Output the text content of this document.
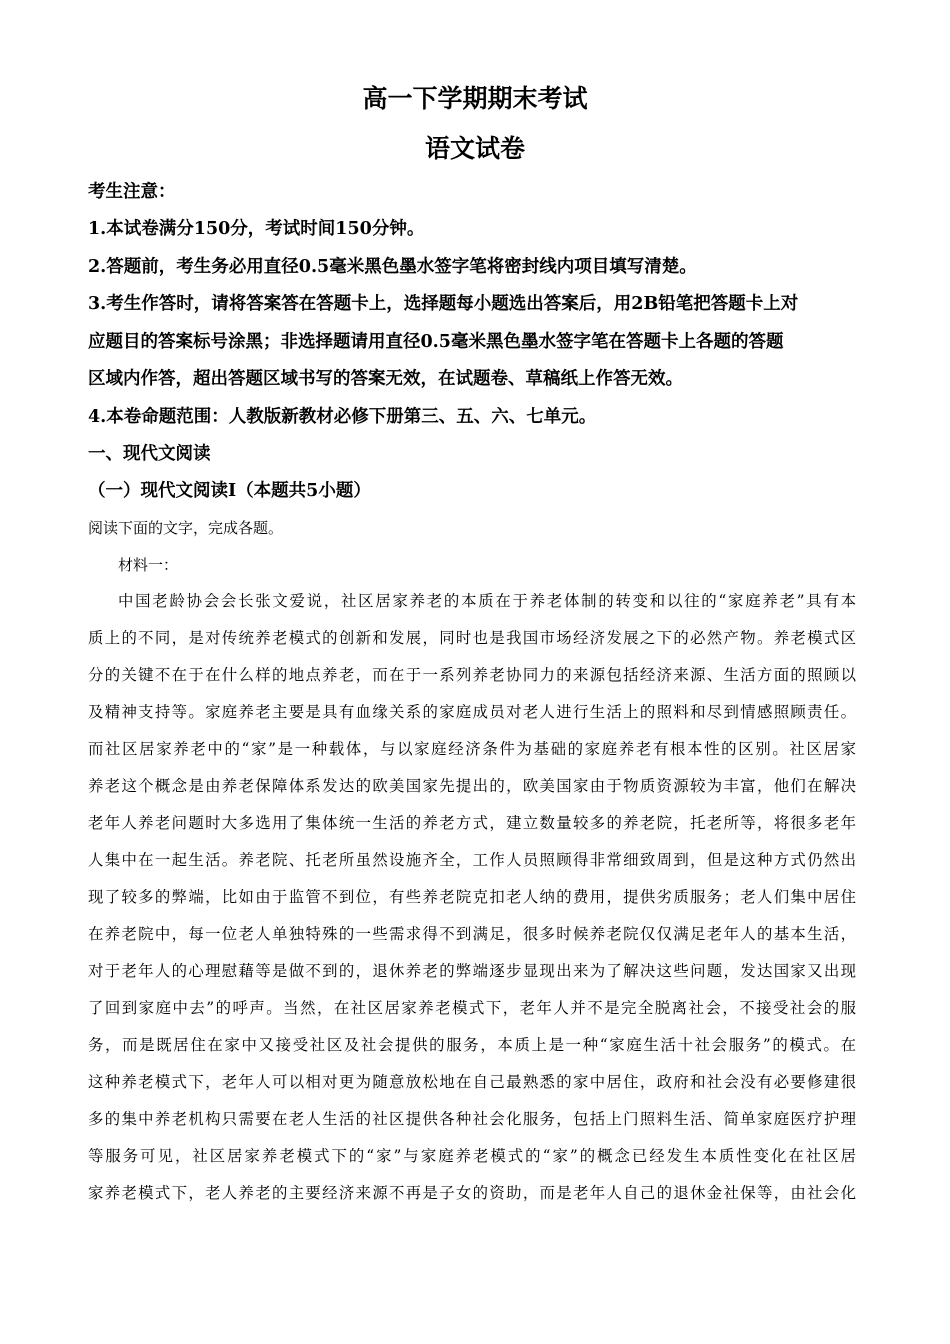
高一下学期期末考试
语文试卷
考生注意：
1.本试卷满分150分，考试时间150分钟。
2.答题前，考生务必用直径0.5毫米黑色墨水签字笔将密封线内项目填写清楚。
3.考生作答时，请将答案答在答题卡上，选择题每小题选出答案后，用2B铅笔把答题卡上对
应题目的答案标号涂黑；非选择题请用直径0.5毫米黑色墨水签字笔在答题卡上各题的答题
区域内作答，超出答题区域书写的答案无效，在试题卷、草稿纸上作答无效。
4.本卷命题范围：人教版新教材必修下册第三、五、六、七单元。
一、现代文阅读
（一）现代文阅读Ⅰ（本题共5小题）
阅读下面的文字，完成各题。
材料一：
中国老龄协会会长张文爱说，社区居家养老的本质在于养老体制的转变和以往的“家庭养老”具有本
质上的不同，是对传统养老模式的创新和发展，同时也是我国市场经济发展之下的必然产物。养老模式区
分的关键不在于在什么样的地点养老，而在于一系列养老协同力的来源包括经济来源、生活方面的照顾以
及精神支持等。家庭养老主要是具有血缘关系的家庭成员对老人进行生活上的照料和尽到情感照顾责任。
而社区居家养老中的“家”是一种载体，与以家庭经济条件为基础的家庭养老有根本性的区别。社区居家
养老这个概念是由养老保障体系发达的欧美国家先提出的，欧美国家由于物质资源较为丰富，他们在解决
老年人养老问题时大多选用了集体统一生活的养老方式，建立数量较多的养老院，托老所等，将很多老年
人集中在一起生活。养老院、托老所虽然设施齐全，工作人员照顾得非常细致周到，但是这种方式仍然出
现了较多的弊端，比如由于监管不到位，有些养老院克扣老人纳的费用，提供劣质服务；老人们集中居住
在养老院中，每一位老人单独特殊的一些需求得不到满足，很多时候养老院仅仅满足老年人的基本生活，
对于老年人的心理慰藉等是做不到的，退休养老的弊端逐步显现出来为了解决这些问题，发达国家又出现
了回到家庭中去”的呼声。当然，在社区居家养老模式下，老年人并不是完全脱离社会，不接受社会的服
务，而是既居住在家中又接受社区及社会提供的服务，本质上是一种“家庭生活十社会服务”的模式。在
这种养老模式下，老年人可以相对更为随意放松地在自己最熟悉的家中居住，政府和社会没有必要修建很
多的集中养老机构只需要在老人生活的社区提供各种社会化服务，包括上门照料生活、简单家庭医疗护理
等服务可见，社区居家养老模式下的“家”与家庭养老模式的“家”的概念已经发生本质性变化在社区居
家养老模式下，老人养老的主要经济来源不再是子女的资助，而是老年人自己的退休金社保等，由社会化
